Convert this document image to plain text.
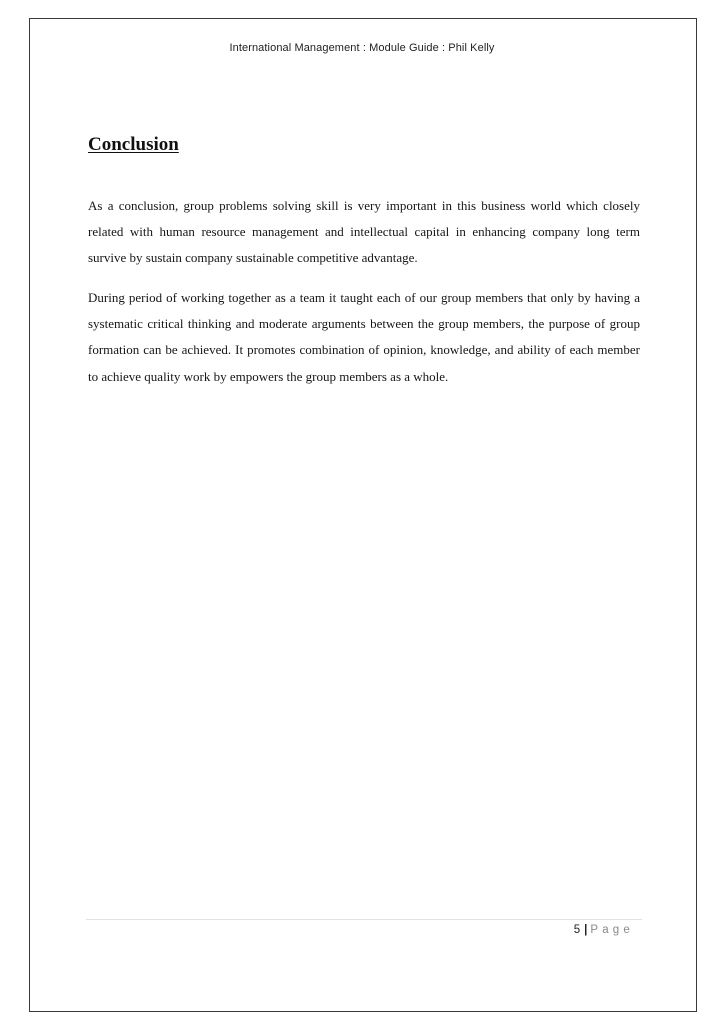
International Management : Module Guide : Phil Kelly
Conclusion

As a conclusion, group problems solving skill is very important in this business world which closely related with human resource management and intellectual capital in enhancing company long term survive by sustain company sustainable competitive advantage.

During period of working together as a team it taught each of our group members that only by having a systematic critical thinking and moderate arguments between the group members, the purpose of group formation can be achieved. It promotes combination of opinion, knowledge, and ability of each member to achieve quality work by empowers the group members as a whole.

5 | Page
